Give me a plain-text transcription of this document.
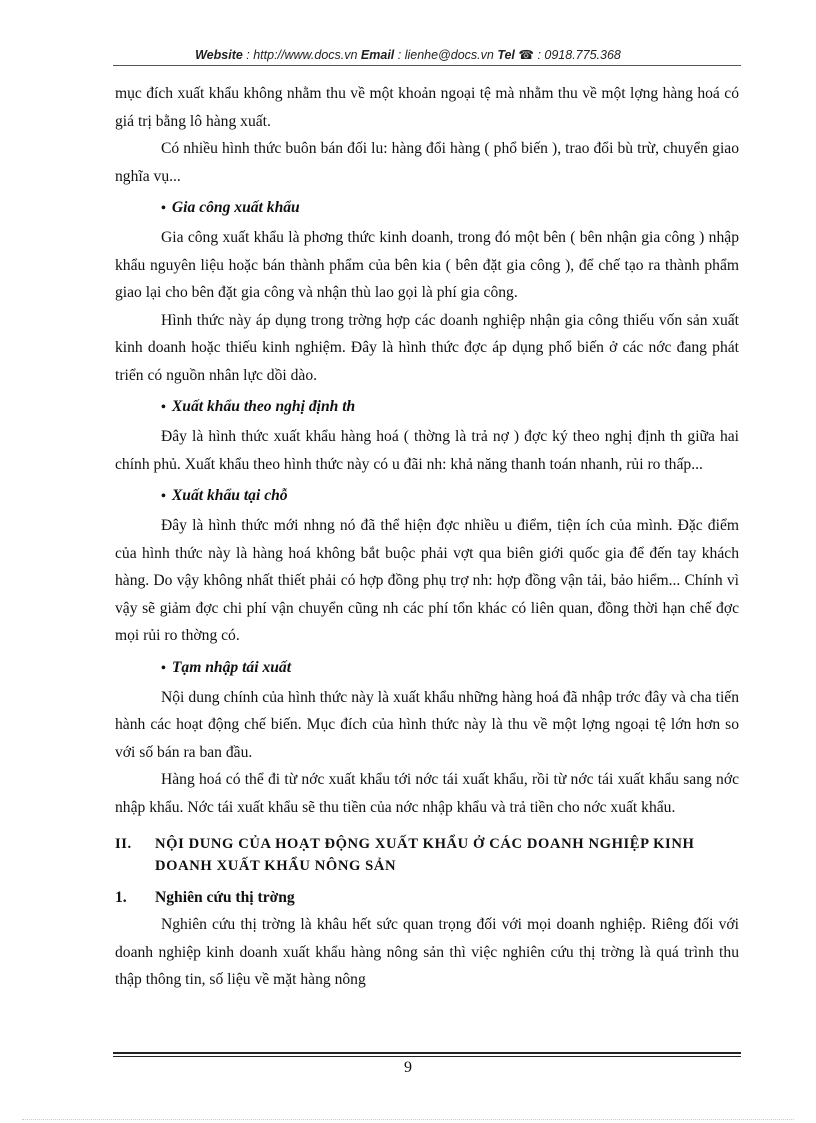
Website : http://www.docs.vn Email : lienhe@docs.vn Tel ☎ : 0918.775.368

mục đích xuất khẩu không nhằm thu về một khoản ngoại tệ mà nhằm thu về một lợng hàng hoá có giá trị bằng lô hàng xuất.

Có nhiều hình thức buôn bán đối lu: hàng đổi hàng ( phổ biến ), trao đổi bù trừ, chuyển giao nghĩa vụ...

• Gia công xuất khẩu

Gia công xuất khẩu là phơng thức kinh doanh, trong đó một bên ( bên nhận gia công ) nhập khẩu nguyên liệu hoặc bán thành phẩm của bên kia ( bên đặt gia công ), để chế tạo ra thành phẩm giao lại cho bên đặt gia công và nhận thù lao gọi là phí gia công.

Hình thức này áp dụng trong trờng hợp các doanh nghiệp nhận gia công thiếu vốn sản xuất kinh doanh hoặc thiếu kinh nghiệm. Đây là hình thức đợc áp dụng phổ biến ở các nớc đang phát triển có nguồn nhân lực dồi dào.

• Xuất khẩu theo nghị định th

Đây là hình thức xuất khẩu hàng hoá ( thờng là trả nợ ) đợc ký theo nghị định th giữa hai chính phủ. Xuất khẩu theo hình thức này có u đãi nh: khả năng thanh toán nhanh, rủi ro thấp...

• Xuất khẩu tại chỗ

Đây là hình thức mới nhng nó đã thể hiện đợc nhiều u điểm, tiện ích của mình. Đặc điểm của hình thức này là hàng hoá không bắt buộc phải vợt qua biên giới quốc gia để đến tay khách hàng. Do vậy không nhất thiết phải có hợp đồng phụ trợ nh: hợp đồng vận tải, bảo hiểm... Chính vì vậy sẽ giảm đợc chi phí vận chuyển cũng nh các phí tổn khác có liên quan, đồng thời hạn chế đợc mọi rủi ro thờng có.

• Tạm nhập tái xuất

Nội dung chính của hình thức này là xuất khẩu những hàng hoá đã nhập trớc đây và cha tiến hành các hoạt động chế biến. Mục đích của hình thức này là thu về một lợng ngoại tệ lớn hơn so với số bán ra ban đầu.

Hàng hoá có thể đi từ nớc xuất khẩu tới nớc tái xuất khẩu, rồi từ nớc tái xuất khẩu sang nớc nhập khẩu. Nớc tái xuất khẩu sẽ thu tiền của nớc nhập khẩu và trả tiền cho nớc xuất khẩu.

II.	NỘI DUNG CỦA HOẠT ĐỘNG XUẤT KHẨU Ở CÁC DOANH NGHIỆP KINH DOANH XUẤT KHẨU NÔNG SẢN
1.	Nghiên cứu thị trờng

Nghiên cứu thị trờng là khâu hết sức quan trọng đối với mọi doanh nghiệp. Riêng đối với doanh nghiệp kinh doanh xuất khẩu hàng nông sản thì việc nghiên cứu thị trờng là quá trình thu thập thông tin, số liệu về mặt hàng nông

9
